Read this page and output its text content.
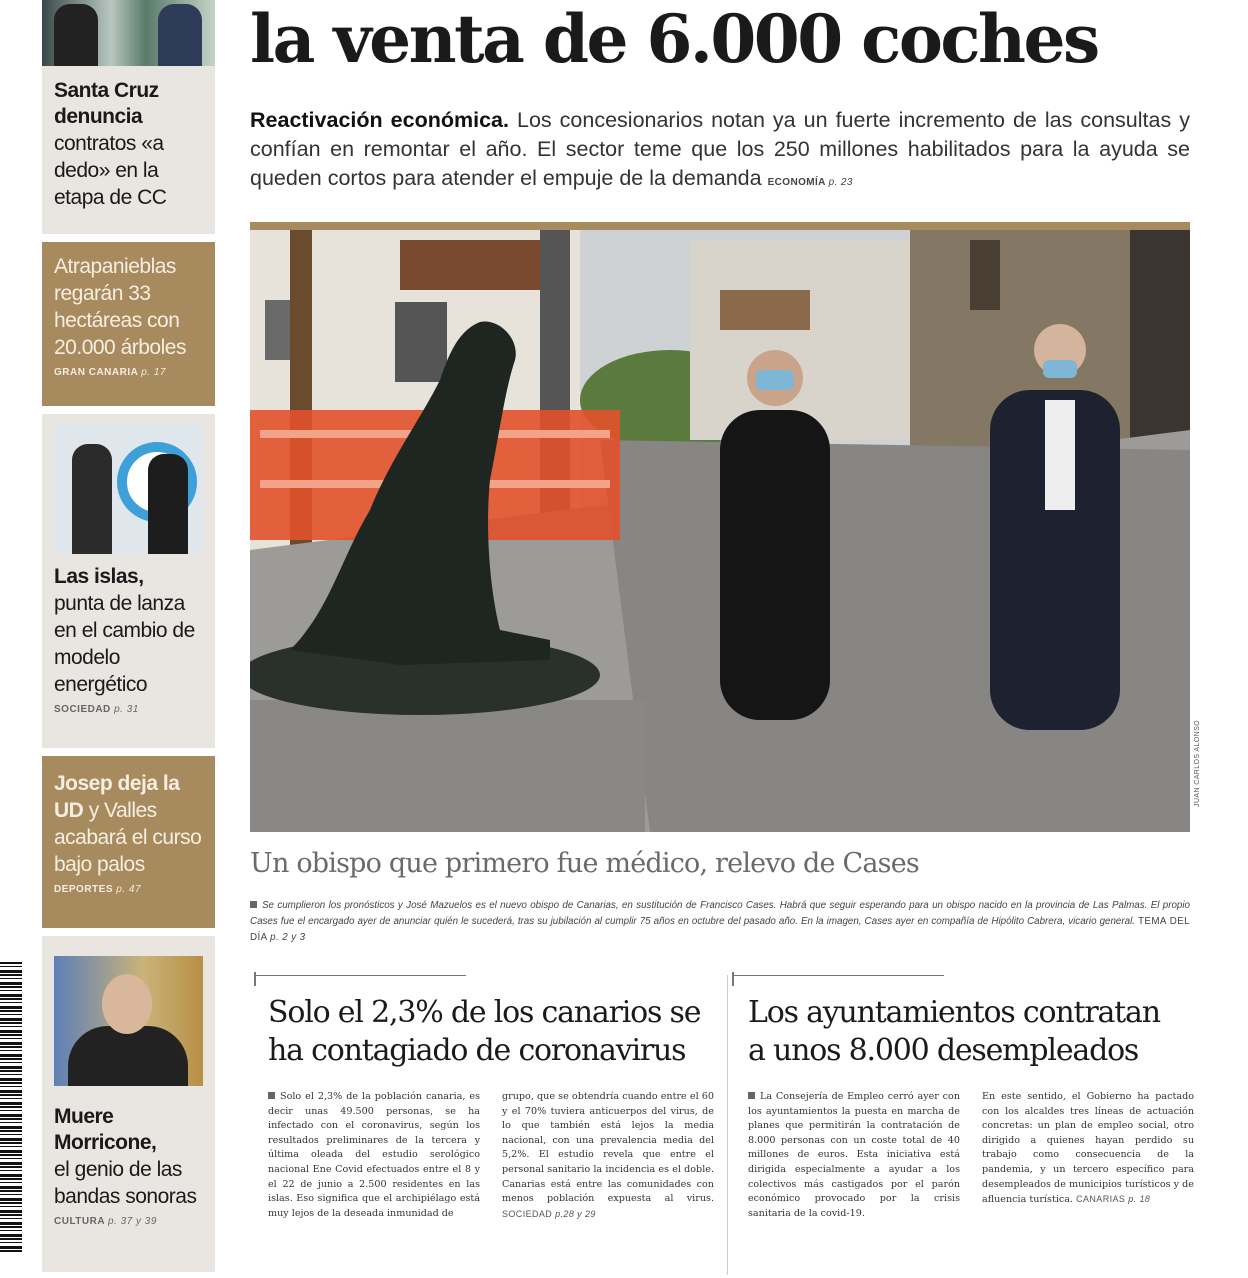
Santa Cruz denuncia
contratos «a dedo» en la etapa de CC
Atrapanieblas
regarán 33 hectáreas con 20.000 árboles
GRAN CANARIA p. 17
Las islas,
punta de lanza en el cambio de modelo energético
SOCIEDAD p. 31
Josep deja la UD y Valles acabará el curso bajo palos
DEPORTES p. 47
Muere Morricone,
el genio de las bandas sonoras
CULTURA p. 37 y 39
la venta de 6.000 coches
Reactivación económica. Los concesionarios notan ya un fuerte incremento de las consultas y confían en remontar el año. El sector teme que los 250 millones habilitados para la ayuda se queden cortos para atender el empuje de la demanda ECONOMÍA p. 23
JUAN CARLOS ALONSO
Un obispo que primero fue médico, relevo de Cases
Se cumplieron los pronósticos y José Mazuelos es el nuevo obispo de Canarias, en sustitución de Francisco Cases. Habrá que seguir esperando para un obispo nacido en la provincia de Las Palmas. El propio Cases fue el encargado ayer de anunciar quién le sucederá, tras su jubilación al cumplir 75 años en octubre del pasado año. En la imagen, Cases ayer en compañía de Hipólito Cabrera, vicario general. TEMA DEL DÍA p. 2 y 3
Solo el 2,3% de los canarios se
ha contagiado de coronavirus
Solo el 2,3% de la población canaria, es decir unas 49.500 personas, se ha infectado con el coronavirus, según los resultados preliminares de la tercera y última oleada del estudio serológico nacional Ene Covid efectuados entre el 8 y el 22 de junio a 2.500 residentes en las islas. Eso significa que el archipiélago está muy lejos de la deseada inmunidad de
grupo, que se obtendría cuando entre el 60 y el 70% tuviera anticuerpos del virus, de lo que también está lejos la media nacional, con una prevalencia media del 5,2%. El estudio revela que entre el personal sanitario la incidencia es el doble. Canarias está entre las comunidades con menos población expuesta al virus. SOCIEDAD p.28 y 29
Los ayuntamientos contratan
a unos 8.000 desempleados
La Consejería de Empleo cerró ayer con los ayuntamientos la puesta en marcha de planes que permitirán la contratación de 8.000 personas con un coste total de 40 millones de euros. Esta iniciativa está dirigida especialmente a ayudar a los colectivos más castigados por el parón económico provocado por la crisis sanitaria de la covid-19.
En este sentido, el Gobierno ha pactado con los alcaldes tres líneas de actuación concretas: un plan de empleo social, otro dirigido a quienes hayan perdido su trabajo como consecuencia de la pandemia, y un tercero específico para desempleados de municipios turísticos y de afluencia turística. CANARIAS p. 18
